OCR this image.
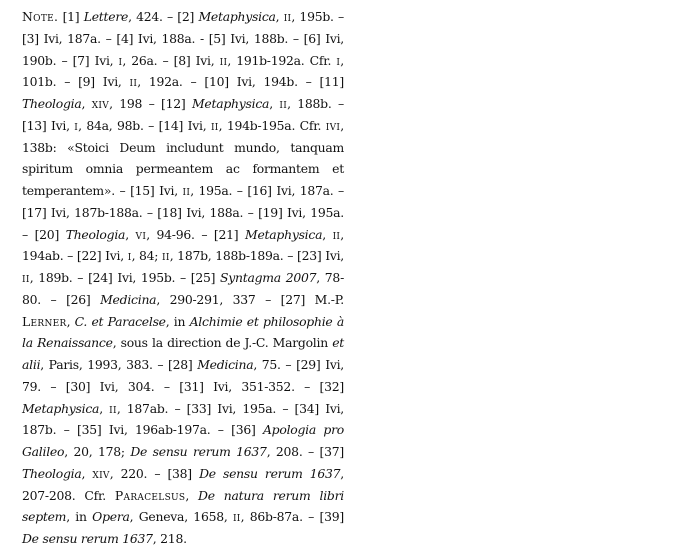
Note. [1] Lettere, 424. – [2] Metaphysica, ii, 195b. – [3] Ivi, 187a. – [4] Ivi, 188a. - [5] Ivi, 188b. – [6] Ivi, 190b. – [7] Ivi, i, 26a. – [8] Ivi, ii, 191b-192a. Cfr. i, 101b. – [9] Ivi, ii, 192a. – [10] Ivi, 194b. – [11] Theologia, xiv, 198 – [12] Metaphysica, ii, 188b. – [13] Ivi, i, 84a, 98b. – [14] Ivi, ii, 194b-195a. Cfr. ivi, 138b: «Stoici Deum includunt mundo, tanquam spiritum omnia permeantem ac formantem et temperantem». – [15] Ivi, ii, 195a. – [16] Ivi, 187a. – [17] Ivi, 187b-188a. – [18] Ivi, 188a. – [19] Ivi, 195a. – [20] Theologia, vi, 94-96. – [21] Metaphysica, ii, 194ab. – [22] Ivi, i, 84; ii, 187b, 188b-189a. – [23] Ivi, ii, 189b. – [24] Ivi, 195b. – [25] Syntagma 2007, 78-80. – [26] Medicina, 290-291, 337 – [27] M.-P. Lerner, C. et Paracelse, in Alchimie et philosophie à la Renaissance, sous la direction de J.-C. Margolin et alii, Paris, 1993, 383. – [28] Medicina, 75. – [29] Ivi, 79. – [30] Ivi, 304. – [31] Ivi, 351-352. – [32] Metaphysica, ii, 187ab. – [33] Ivi, 195a. – [34] Ivi, 187b. – [35] Ivi, 196ab-197a. – [36] Apologia pro Galileo, 20, 178; De sensu rerum 1637, 208. – [37] Theologia, xiv, 220. – [38] De sensu rerum 1637, 207-208. Cfr. Paracelsus, De natura rerum libri septem, in Opera, Geneva, 1658, ii, 86b-87a. – [39] De sensu rerum 1637, 218.
